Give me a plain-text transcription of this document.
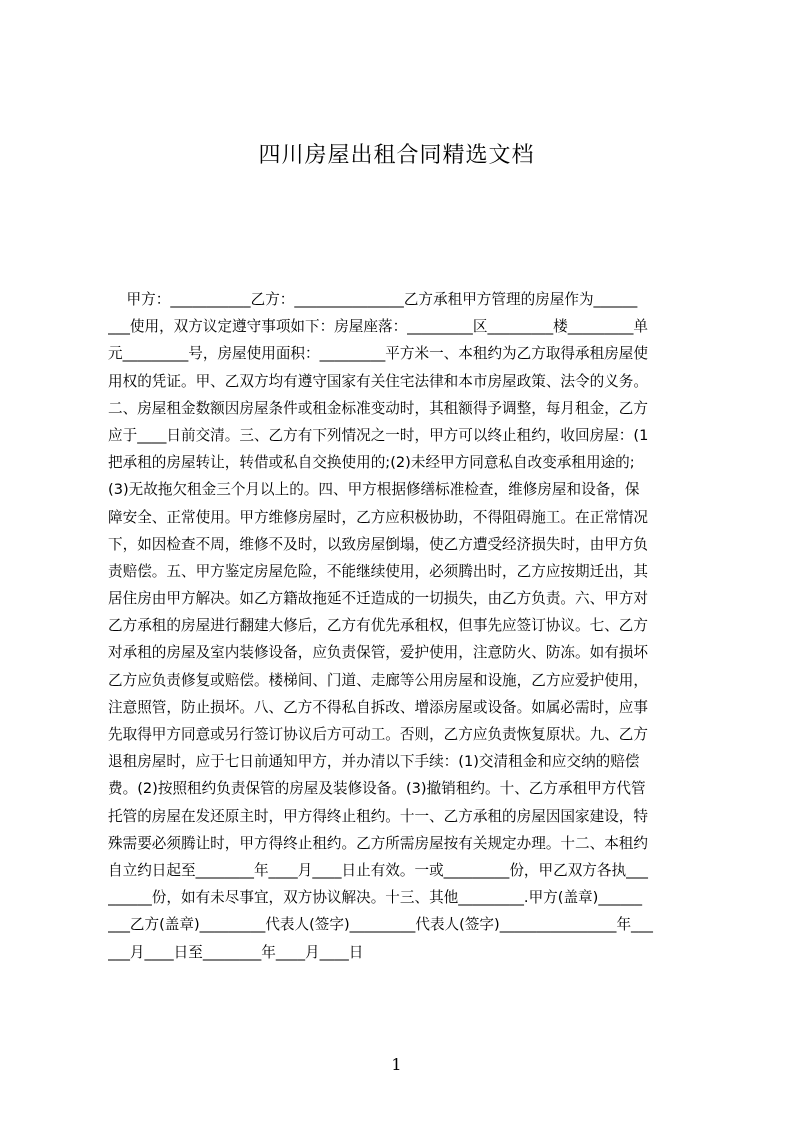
四川房屋出租合同精选文档
甲方：___________乙方：_______________乙方承租甲方管理的房屋作为______
___使用，双方议定遵守事项如下：房屋座落：_________区_________楼_________单
元_________号，房屋使用面积：_________平方米一、本租约为乙方取得承租房屋使
用权的凭证。甲、乙双方均有遵守国家有关住宅法律和本市房屋政策、法令的义务。
二、房屋租金数额因房屋条件或租金标准变动时，其租额得予调整，每月租金，乙方
应于____日前交清。三、乙方有下列情况之一时，甲方可以终止租约，收回房屋：(1
把承租的房屋转让，转借或私自交换使用的;(2)未经甲方同意私自改变承租用途的;
(3)无故拖欠租金三个月以上的。四、甲方根据修缮标准检查，维修房屋和设备，保
障安全、正常使用。甲方维修房屋时，乙方应积极协助，不得阻碍施工。在正常情况
下，如因检查不周，维修不及时，以致房屋倒塌，使乙方遭受经济损失时，由甲方负
责赔偿。五、甲方鉴定房屋危险，不能继续使用，必须腾出时，乙方应按期迁出，其
居住房由甲方解决。如乙方籍故拖延不迁造成的一切损失，由乙方负责。六、甲方对
乙方承租的房屋进行翻建大修后，乙方有优先承租权，但事先应签订协议。七、乙方
对承租的房屋及室内装修设备，应负责保管，爱护使用，注意防火、防冻。如有损坏
乙方应负责修复或赔偿。楼梯间、门道、走廊等公用房屋和设施，乙方应爱护使用，
注意照管，防止损坏。八、乙方不得私自拆改、增添房屋或设备。如属必需时，应事
先取得甲方同意或另行签订协议后方可动工。否则，乙方应负责恢复原状。九、乙方
退租房屋时，应于七日前通知甲方，并办清以下手续：(1)交清租金和应交纳的赔偿
费。(2)按照租约负责保管的房屋及装修设备。(3)撤销租约。十、乙方承租甲方代管
托管的房屋在发还原主时，甲方得终止租约。十一、乙方承租的房屋因国家建设，特
殊需要必须腾让时，甲方得终止租约。乙方所需房屋按有关规定办理。十二、本租约
自立约日起至________年____月____日止有效。一或_________份，甲乙双方各执___
______份，如有未尽事宜，双方协议解决。十三、其他_________.甲方(盖章)______
___乙方(盖章)_________代表人(签字)_________代表人(签字)________________年___
___月____日至________年____月____日
1
